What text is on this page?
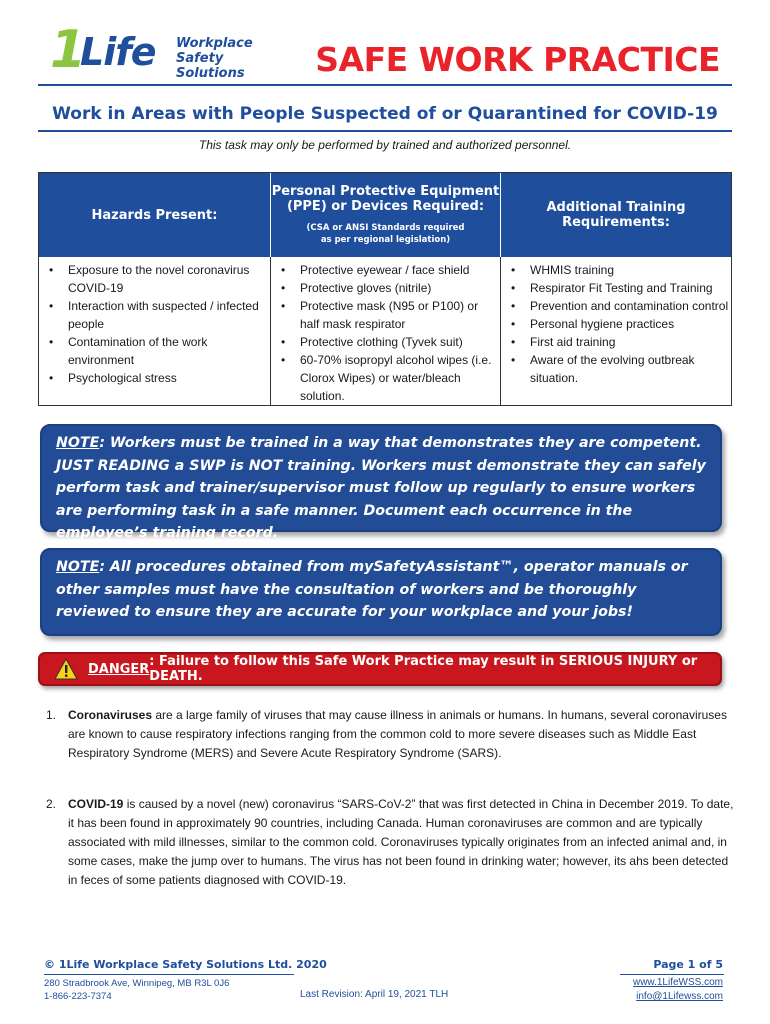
1
Life Workplace
Safety Solutions	SAFE WORK PRACTICE
Work in Areas with People Suspected of or Quarantined for COVID-19
This task may only be performed by trained and authorized personnel.
Hazards Present:
Personal Protective Equipment
(PPE) or Devices Required:
(CSA or ANSI Standards required
as per regional legislation)
Additional Training
Requirements:
• Exposure to the novel coronavirus COVID-19
• Interaction with suspected / infected people
• Contamination of the work environment
• Psychological stress
• Protective eyewear / face shield
• Protective gloves (nitrile)
• Protective mask (N95 or P100) or half mask respirator
• Protective clothing (Tyvek suit)
• 60-70% isopropyl alcohol wipes (i.e. Clorox Wipes) or water/bleach solution.
• WHMIS training
• Respirator Fit Testing and Training
• Prevention and contamination control
• Personal hygiene practices
• First aid training
• Aware of the evolving outbreak situation.
NOTE: Workers must be trained in a way that demonstrates they are competent. JUST READING a SWP is NOT training. Workers must demonstrate they can safely perform task and trainer/supervisor must follow up regularly to ensure workers are performing task in a safe manner. Document each occurrence in the employee’s training record.
NOTE: All procedures obtained from mySafetyAssistant™, operator manuals or other samples must have the consultation of workers and be thoroughly reviewed to ensure they are accurate for your workplace and your jobs!
DANGER : Failure to follow this Safe Work Practice may result in SERIOUS INJURY or DEATH.
1. Coronaviruses are a large family of viruses that may cause illness in animals or humans. In humans, several coronaviruses are known to cause respiratory infections ranging from the common cold to more severe diseases such as Middle East Respiratory Syndrome (MERS) and Severe Acute Respiratory Syndrome (SARS).
2. COVID-19 is caused by a novel (new) coronavirus “SARS-CoV-2” that was first detected in China in December 2019. To date, it has been found in approximately 90 countries, including Canada. Human coronaviruses are common and are typically associated with mild illnesses, similar to the common cold. Coronaviruses typically originates from an infected animal and, in some cases, make the jump over to humans. The virus has not been found in drinking water; however, its ahs been detected in feces of some patients diagnosed with COVID-19.
© 1Life Workplace Safety Solutions Ltd. 2020
280 Stradbrook Ave, Winnipeg, MB R3L 0J6
1-866-223-7374	Last Revision: April 19, 2021 TLH
Page 1 of 5
www.1LifeWSS.com
info@1Lifewss.com
